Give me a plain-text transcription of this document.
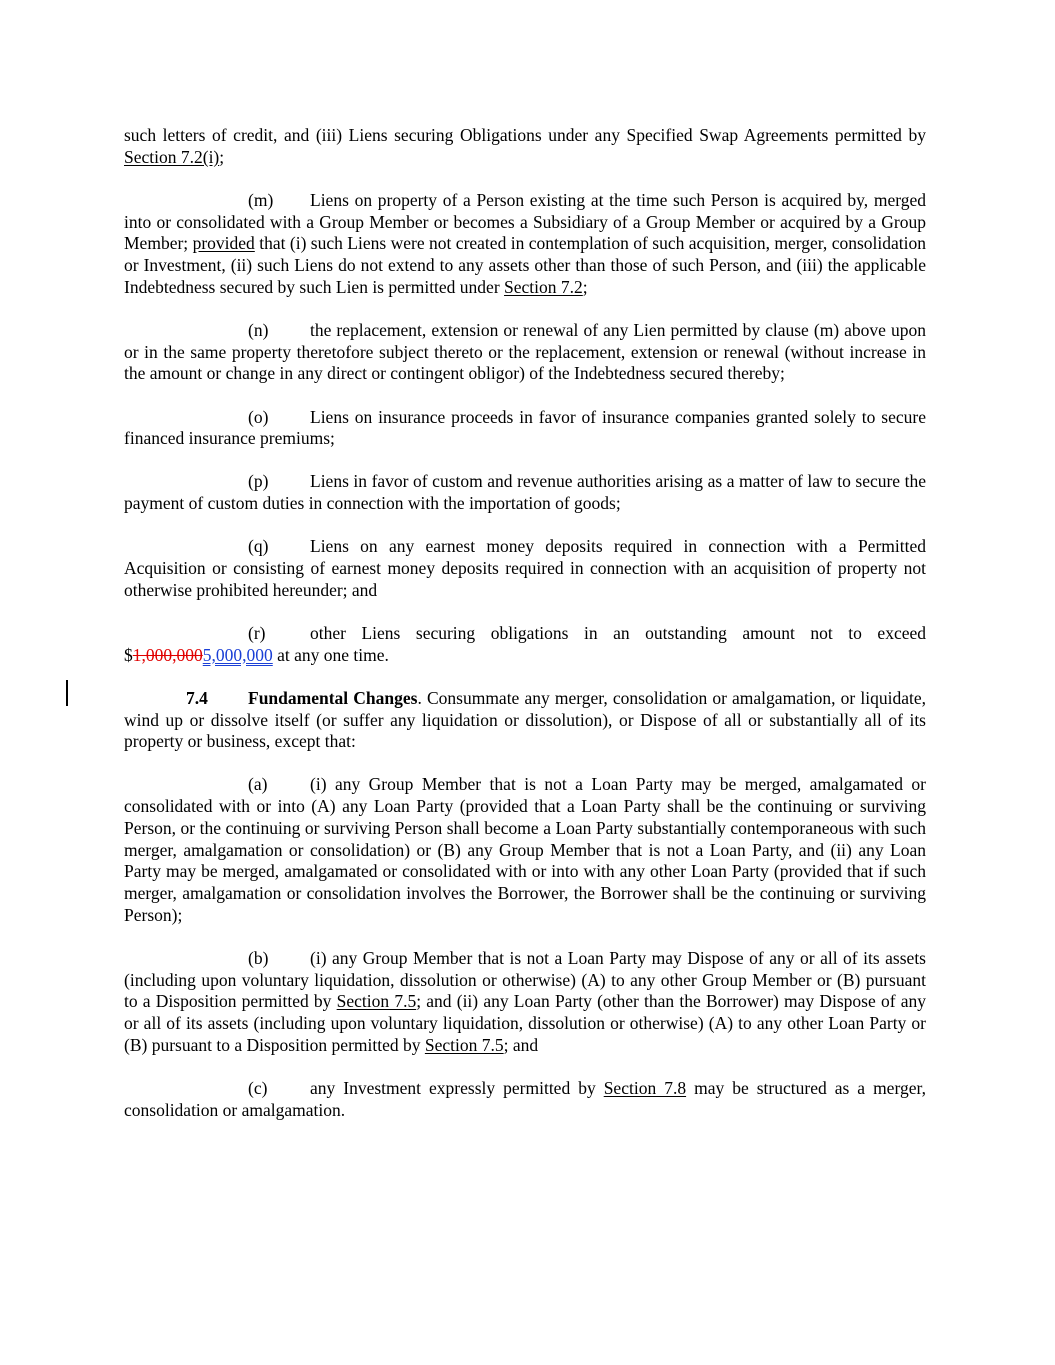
such letters of credit, and (iii) Liens securing Obligations under any Specified Swap Agreements permitted by Section 7.2(i);

(m) Liens on property of a Person existing at the time such Person is acquired by, merged into or consolidated with a Group Member or becomes a Subsidiary of a Group Member or acquired by a Group Member; provided that (i) such Liens were not created in contemplation of such acquisition, merger, consolidation or Investment, (ii) such Liens do not extend to any assets other than those of such Person, and (iii) the applicable Indebtedness secured by such Lien is permitted under Section 7.2;

(n) the replacement, extension or renewal of any Lien permitted by clause (m) above upon or in the same property theretofore subject thereto or the replacement, extension or renewal (without increase in the amount or change in any direct or contingent obligor) of the Indebtedness secured thereby;

(o) Liens on insurance proceeds in favor of insurance companies granted solely to secure financed insurance premiums;

(p) Liens in favor of custom and revenue authorities arising as a matter of law to secure the payment of custom duties in connection with the importation of goods;

(q) Liens on any earnest money deposits required in connection with a Permitted Acquisition or consisting of earnest money deposits required in connection with an acquisition of property not otherwise prohibited hereunder; and

(r)	other Liens securing obligations in an outstanding amount not to exceed $1,000,0005,000,000 at any one time.

7.4 Fundamental Changes. Consummate any merger, consolidation or amalgamation, or liquidate, wind up or dissolve itself (or suffer any liquidation or dissolution), or Dispose of all or substantially all of its property or business, except that:

(a) (i) any Group Member that is not a Loan Party may be merged, amalgamated or consolidated with or into (A) any Loan Party (provided that a Loan Party shall be the continuing or surviving Person, or the continuing or surviving Person shall become a Loan Party substantially contemporaneous with such merger, amalgamation or consolidation) or (B) any Group Member that is not a Loan Party, and (ii) any Loan Party may be merged, amalgamated or consolidated with or into with any other Loan Party (provided that if such merger, amalgamation or consolidation involves the Borrower, the Borrower shall be the continuing or surviving Person);

(b) (i) any Group Member that is not a Loan Party may Dispose of any or all of its assets (including upon voluntary liquidation, dissolution or otherwise) (A) to any other Group Member or (B) pursuant to a Disposition permitted by Section 7.5; and (ii) any Loan Party (other than the Borrower) may Dispose of any or all of its assets (including upon voluntary liquidation, dissolution or otherwise) (A) to any other Loan Party or (B) pursuant to a Disposition permitted by Section 7.5; and

(c) any Investment expressly permitted by Section 7.8 may be structured as a merger, consolidation or amalgamation.
